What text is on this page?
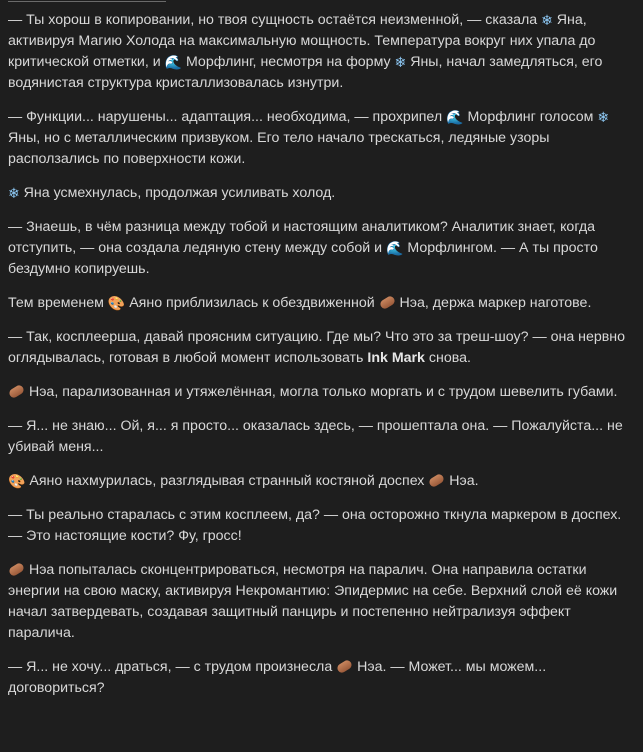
— Ты хорош в копировании, но твоя сущность остаётся неизменной, — сказала ❄ Яна, активируя Магию Холода на максимальную мощность. Температура вокруг них упала до критической отметки, и 🌊 Морфлинг, несмотря на форму ❄ Яны, начал замедляться, его водянистая структура кристаллизовалась изнутри.

— Функции... нарушены... адаптация... необходима, — прохрипел 🌊 Морфлинг голосом ❄ Яны, но с металлическим призвуком. Его тело начало трескаться, ледяные узоры расползались по поверхности кожи.

❄ Яна усмехнулась, продолжая усиливать холод.

— Знаешь, в чём разница между тобой и настоящим аналитиком? Аналитик знает, когда отступить, — она создала ледяную стену между собой и 🌊 Морфлингом. — А ты просто бездумно копируешь.

Тем временем 🎨 Аяно приблизилась к обездвиженной  Нэа, держа маркер наготове.

— Так, косплеерша, давай проясним ситуацию. Где мы? Что это за треш-шоу? — она нервно оглядывалась, готовая в любой момент использовать Ink Mark снова.

Нэа, парализованная и утяжелённая, могла только моргать и с трудом шевелить губами.

— Я... не знаю... Ой, я... я просто... оказалась здесь, — прошептала она. — Пожалуйста... не убивай меня...

🎨 Аяно нахмурилась, разглядывая странный костяной доспех  Нэа.

— Ты реально старалась с этим косплеем, да? — она осторожно ткнула маркером в доспех. — Это настоящие кости? Фу, гросс!

Нэа попыталась сконцентрироваться, несмотря на паралич. Она направила остатки энергии на свою маску, активируя Некромантию: Эпидермис на себе. Верхний слой её кожи начал затвердевать, создавая защитный панцирь и постепенно нейтрализуя эффект паралича.

— Я... не хочу... драться, — с трудом произнесла  Нэа. — Может... мы можем... договориться?
